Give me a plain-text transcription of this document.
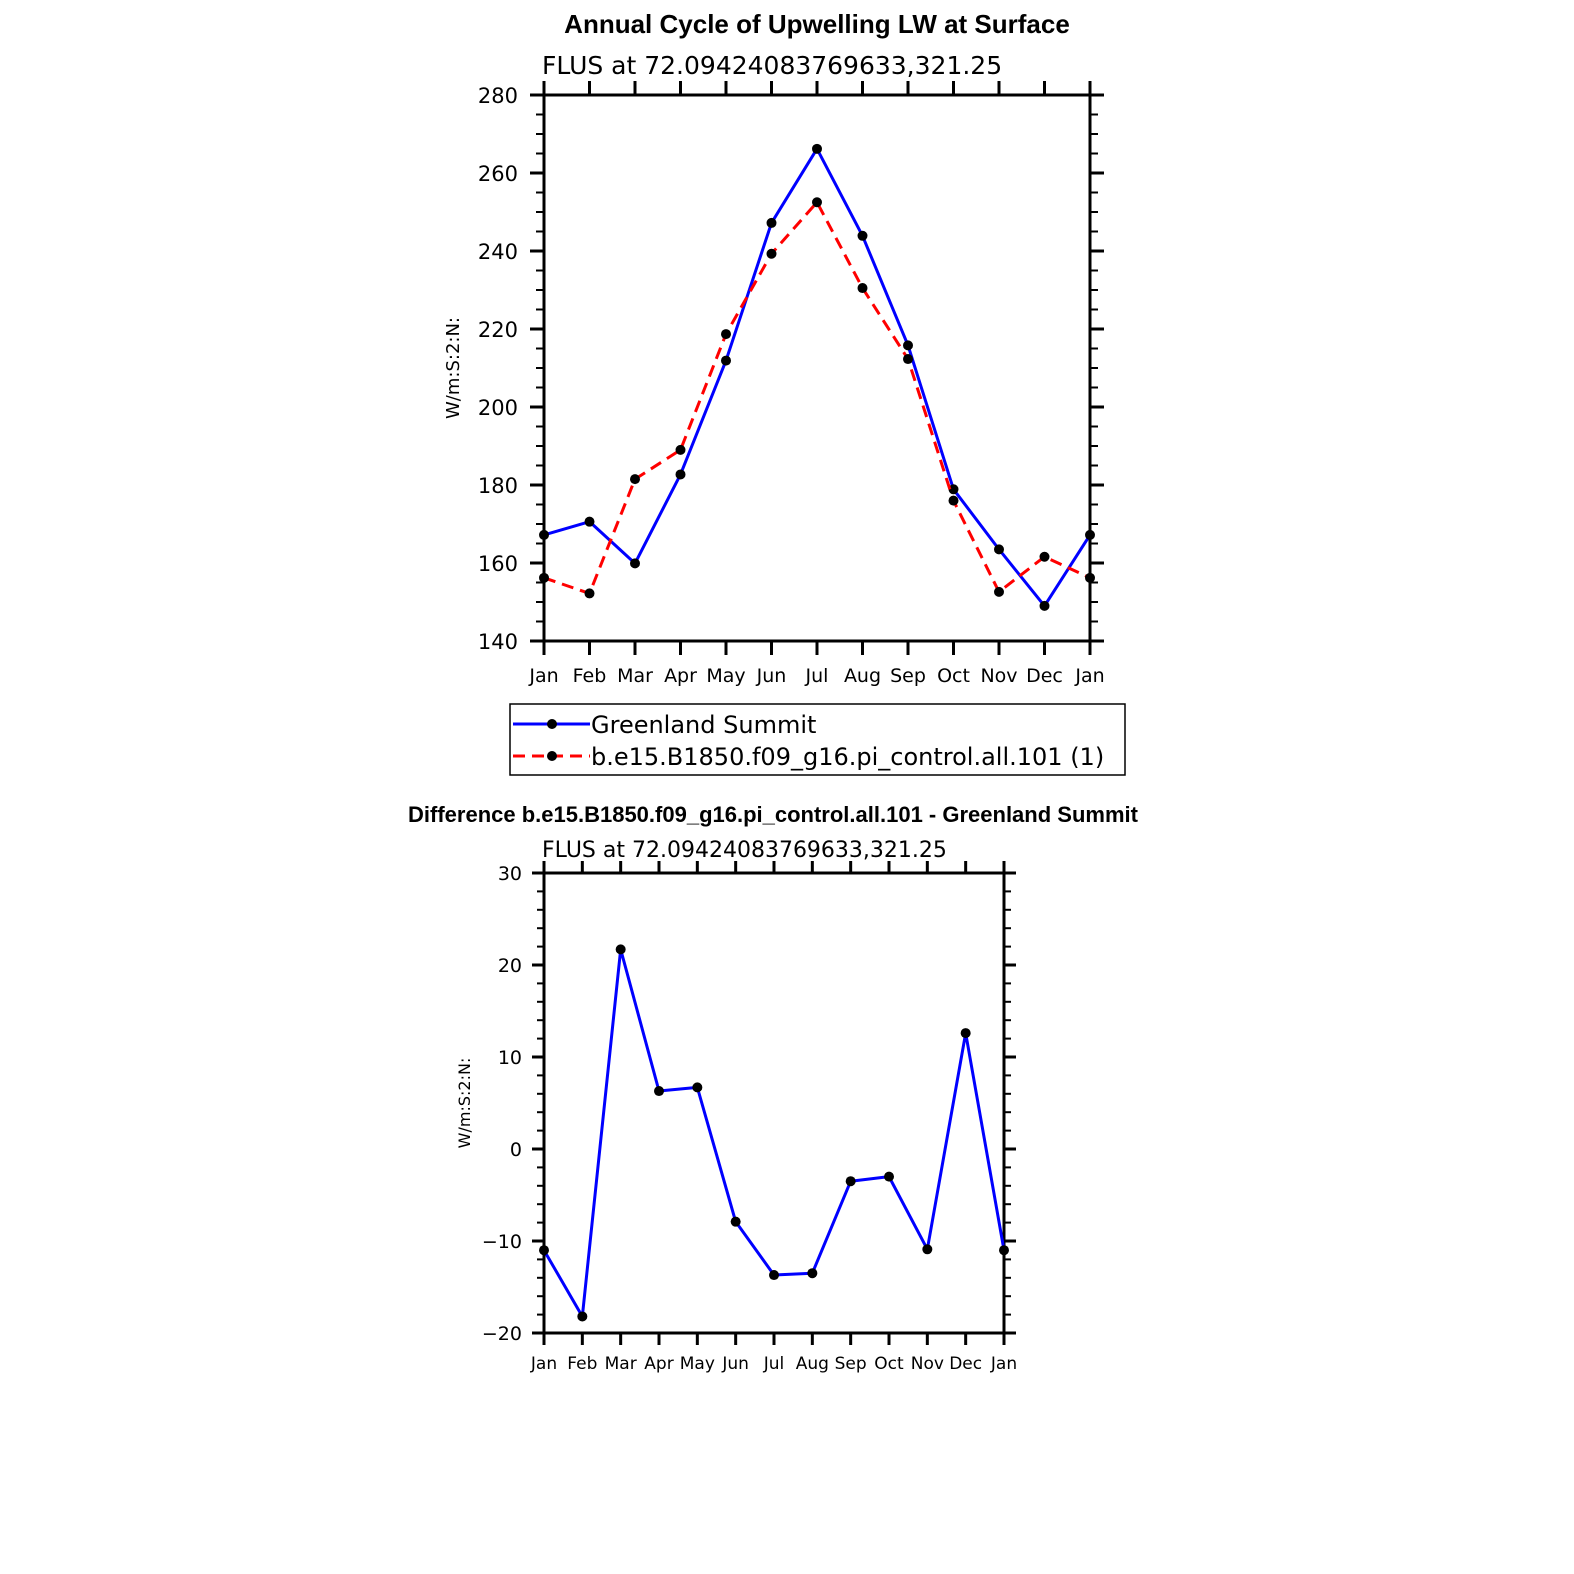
Annual Cycle of Upwelling LW at Surface
FLUS at 72.09424083769633,321.25
W/m:S:2:N:
Jan Feb Mar Apr May Jun Jul Aug Sep Oct Nov Dec Jan
140
160
180
200
220
240
260
280
Greenland Summit
b.e15.B1850.f09_g16.pi_control.all.101 (1)
Difference b.e15.B1850.f09_g16.pi_control.all.101 - Greenland Summit
FLUS at 72.09424083769633,321.25
W/m:S:2:N:
Jan Feb Mar Apr May Jun Jul Aug Sep Oct Nov Dec Jan
−20
−10
0
10
20
30
